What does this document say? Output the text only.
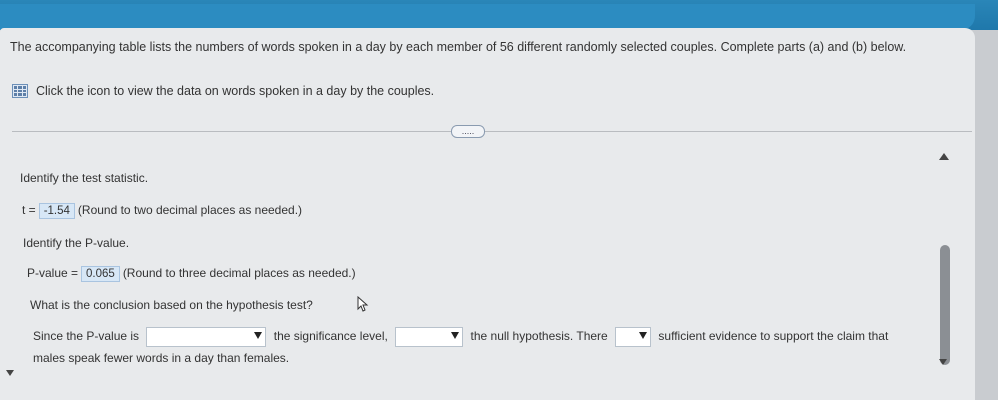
The accompanying table lists the numbers of words spoken in a day by each member of 56 different randomly selected couples. Complete parts (a) and (b) below.
Click the icon to view the data on words spoken in a day by the couples.
.....
Identify the test statistic.
t = -1.54 (Round to two decimal places as needed.)
Identify the P-value.
P-value = 0.065 (Round to three decimal places as needed.)
What is the conclusion based on the hypothesis test?
Since the P-value is	the significance level,	the null hypothesis. There	sufficient evidence to support the claim that
males speak fewer words in a day than females.
